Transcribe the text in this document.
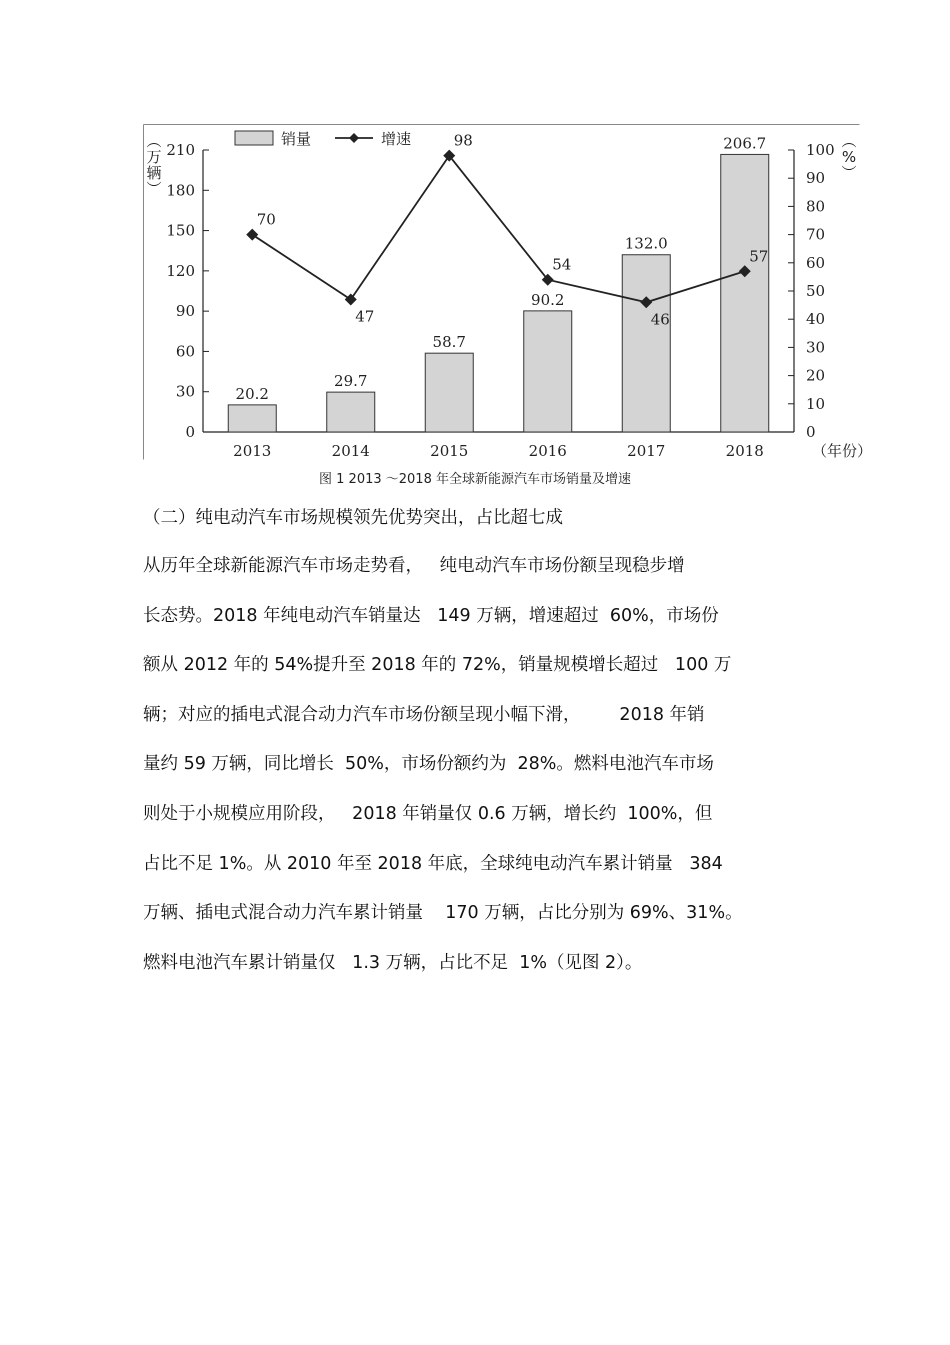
0
30
60
90
120
150
180
210
0
10
20
30
40
50
60
70
80
90
100
2013	2014	2015	2016	2017	2018	（年份）
︵
万
辆
︶
︵
%
︶
20.2
29.7
58.7
90.2
132.0
206.7
70
47
98
54
46
57
销量	增速
图 1 2013 ～2018 年全球新能源汽车市场销量及增速
（二）纯电动汽车市场规模领先优势突出，占比超七成
从历年全球新能源汽车市场走势看，   纯电动汽车市场份额呈现稳步增
长态势。2018 年纯电动汽车销量达   149 万辆，增速超过  60%，市场份
额从 2012 年的 54%提升至 2018 年的 72%，销量规模增长超过   100 万
辆；对应的插电式混合动力汽车市场份额呈现小幅下滑，       2018 年销
量约 59 万辆，同比增长  50%，市场份额约为  28%。燃料电池汽车市场
则处于小规模应用阶段，   2018 年销量仅 0.6 万辆，增长约  100%，但
占比不足 1%。从 2010 年至 2018 年底，全球纯电动汽车累计销量   384
万辆、插电式混合动力汽车累计销量    170 万辆，占比分别为 69%、31%。
燃料电池汽车累计销量仅   1.3 万辆，占比不足  1%（见图 2）。
